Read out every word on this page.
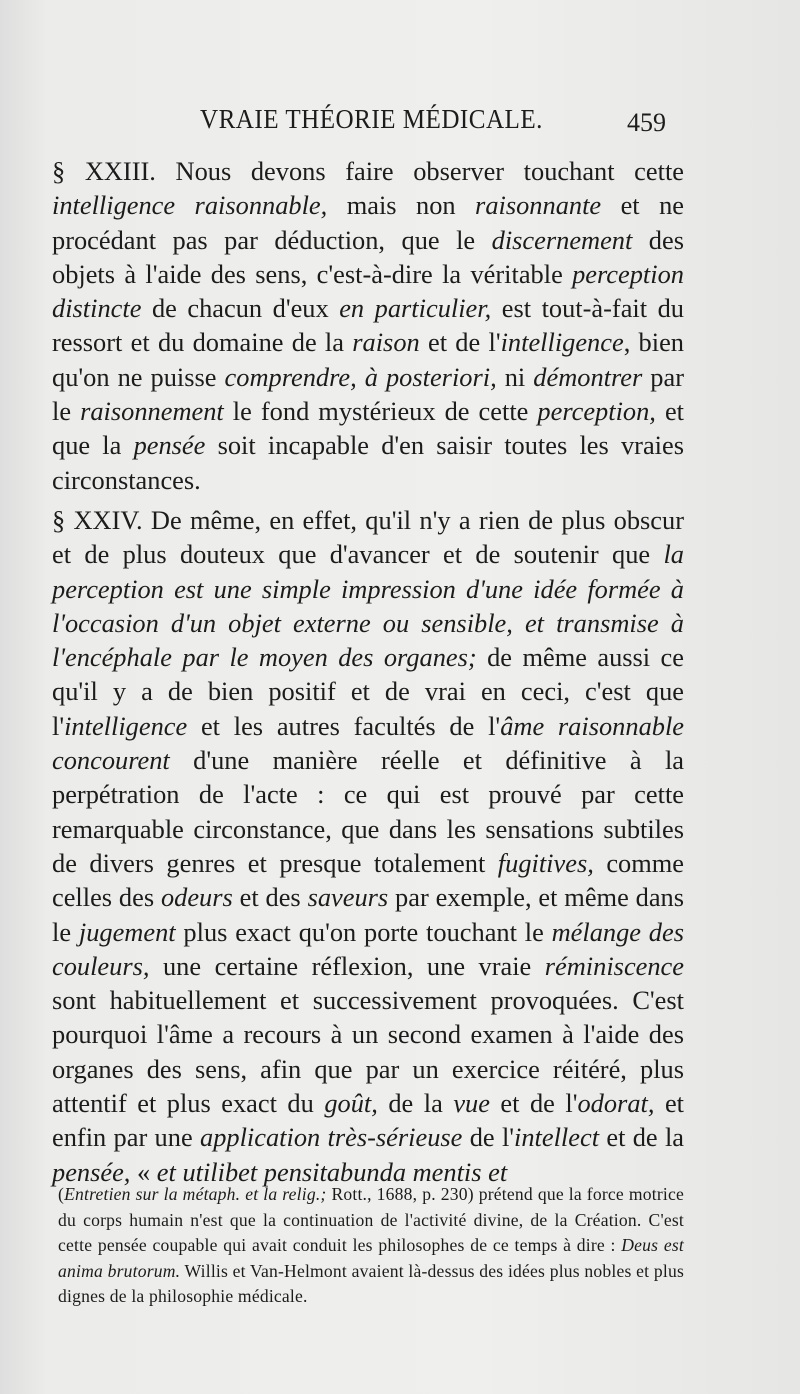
VRAIE THÉORIE MÉDICALE.	459

§ XXIII. Nous devons faire observer touchant cette intelligence raisonnable, mais non raisonnante et ne procédant pas par déduction, que le discernement des objets à l'aide des sens, c'est-à-dire la véritable perception distincte de chacun d'eux en particulier, est tout-à-fait du ressort et du domaine de la raison et de l'intelligence, bien qu'on ne puisse comprendre, à posteriori, ni démontrer par le raisonnement le fond mystérieux de cette perception, et que la pensée soit incapable d'en saisir toutes les vraies circonstances.

§ XXIV. De même, en effet, qu'il n'y a rien de plus obscur et de plus douteux que d'avancer et de soutenir que la perception est une simple impression d'une idée formée à l'occasion d'un objet externe ou sensible, et transmise à l'encéphale par le moyen des organes; de même aussi ce qu'il y a de bien positif et de vrai en ceci, c'est que l'intelligence et les autres facultés de l'âme raisonnable concourent d'une manière réelle et définitive à la perpétration de l'acte : ce qui est prouvé par cette remarquable circonstance, que dans les sensations subtiles de divers genres et presque totalement fugitives, comme celles des odeurs et des saveurs par exemple, et même dans le jugement plus exact qu'on porte touchant le mélange des couleurs, une certaine réflexion, une vraie réminiscence sont habituellement et successivement provoquées. C'est pourquoi l'âme a recours à un second examen à l'aide des organes des sens, afin que par un exercice réitéré, plus attentif et plus exact du goût, de la vue et de l'odorat, et enfin par une application très-sérieuse de l'intellect et de la pensée, « et utilibet pensitabunda mentis et

(Entretien sur la métaph. et la relig.; Rott., 1688, p. 230) prétend que la force motrice du corps humain n'est que la continuation de l'activité divine, de la Création. C'est cette pensée coupable qui avait conduit les philosophes de ce temps à dire : Deus est anima brutorum. Willis et Van-Helmont avaient là-dessus des idées plus nobles et plus dignes de la philosophie médicale.
